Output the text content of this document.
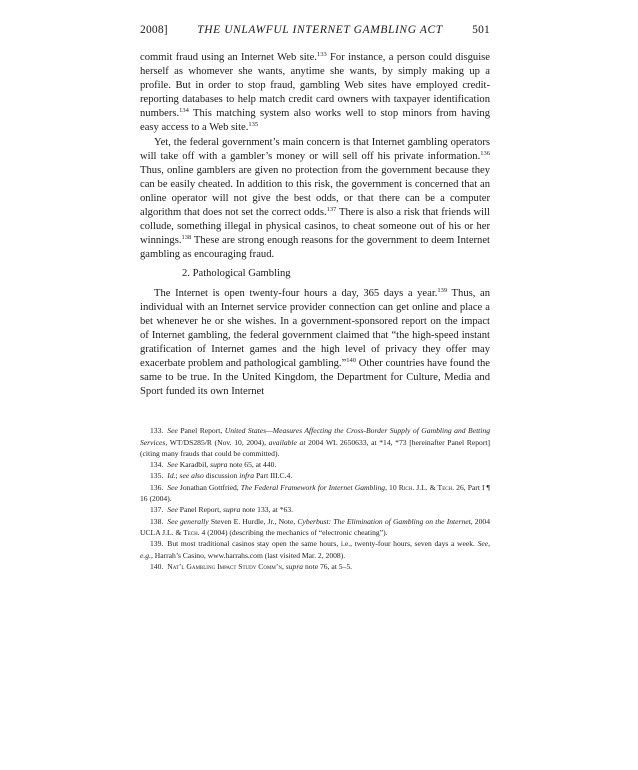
2008]	THE UNLAWFUL INTERNET GAMBLING ACT	501

commit fraud using an Internet Web site.$^{133}$ For instance, a person could disguise herself as whomever she wants, anytime she wants, by simply making up a profile. But in order to stop fraud, gambling Web sites have employed credit-reporting databases to help match credit card owners with taxpayer identification numbers.$^{134}$ This matching system also works well to stop minors from having easy access to a Web site.$^{135}$

Yet, the federal government’s main concern is that Internet gambling operators will take off with a gambler’s money or will sell off his private information.$^{136}$ Thus, online gamblers are given no protection from the government because they can be easily cheated. In addition to this risk, the government is concerned that an online operator will not give the best odds, or that there can be a computer algorithm that does not set the correct odds.$^{137}$ There is also a risk that friends will collude, something illegal in physical casinos, to cheat someone out of his or her winnings.$^{138}$ These are strong enough reasons for the government to deem Internet gambling as encouraging fraud.

2. Pathological Gambling

The Internet is open twenty-four hours a day, 365 days a year.$^{139}$ Thus, an individual with an Internet service provider connection can get online and place a bet whenever he or she wishes. In a government-sponsored report on the impact of Internet gambling, the federal government claimed that “the high-speed instant gratification of Internet games and the high level of privacy they offer may exacerbate problem and pathological gambling.”$^{140}$ Other countries have found the same to be true. In the United Kingdom, the Department for Culture, Media and Sport funded its own Internet

133. See Panel Report, United States—Measures Affecting the Cross-Border Supply of Gambling and Betting Services, WT/DS285/R (Nov. 10, 2004), available at 2004 WL 2650633, at *14, *73 [hereinafter Panel Report] (citing many frauds that could be committed).

134. See Karadbil, supra note 65, at 440.

135. Id.; see also discussion infra Part III.C.4.

136. See Jonathan Gottfried, The Federal Framework for Internet Gambling, 10 Rich. J.L. & Tech. 26, Part I ¶ 16 (2004).

137. See Panel Report, supra note 133, at *63.

138. See generally Steven E. Hurdle, Jr., Note, Cyberbust: The Elimination of Gambling on the Internet, 2004 UCLA J.L. & Tech. 4 (2004) (describing the mechanics of “electronic cheating”).

139. But most traditional casinos stay open the same hours, i.e., twenty-four hours, seven days a week. See, e.g., Harrah’s Casino, www.harrahs.com (last visited Mar. 2, 2008).

140. Nat’l Gambling Impact Study Comm’n, supra note 76, at 5–5.
